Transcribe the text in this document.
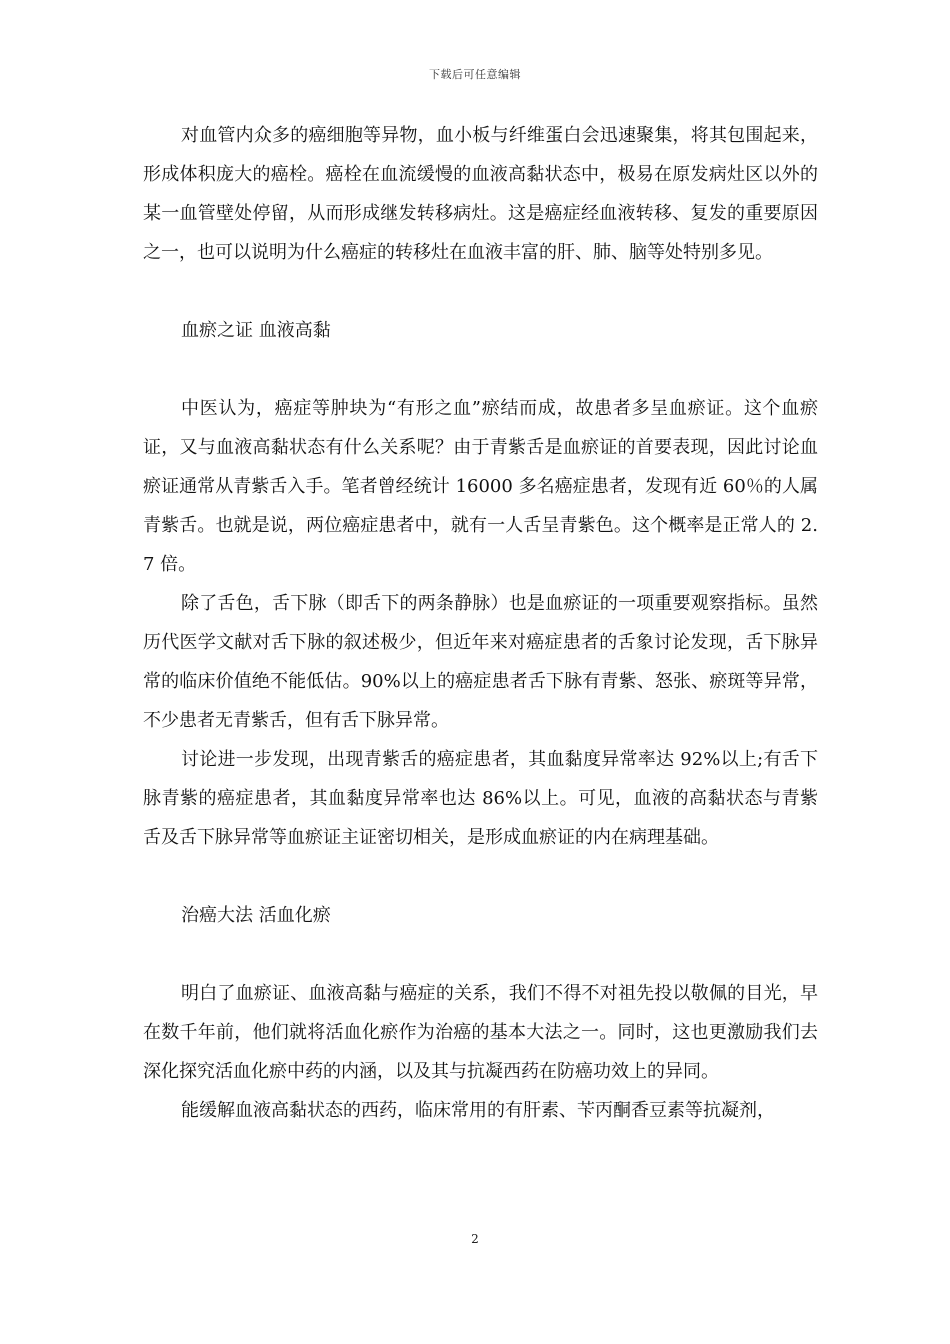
下载后可任意编辑

对血管内众多的癌细胞等异物，血小板与纤维蛋白会迅速聚集，将其包围起来，形成体积庞大的癌栓。癌栓在血流缓慢的血液高黏状态中，极易在原发病灶区以外的某一血管壁处停留，从而形成继发转移病灶。这是癌症经血液转移、复发的重要原因之一，也可以说明为什么癌症的转移灶在血液丰富的肝、肺、脑等处特别多见。

血瘀之证 血液高黏

中医认为，癌症等肿块为“有形之血”瘀结而成，故患者多呈血瘀证。这个血瘀证，又与血液高黏状态有什么关系呢？由于青紫舌是血瘀证的首要表现，因此讨论血瘀证通常从青紫舌入手。笔者曾经统计 16000 多名癌症患者，发现有近 60％的人属青紫舌。也就是说，两位癌症患者中，就有一人舌呈青紫色。这个概率是正常人的 2.7 倍。

除了舌色，舌下脉（即舌下的两条静脉）也是血瘀证的一项重要观察指标。虽然历代医学文献对舌下脉的叙述极少，但近年来对癌症患者的舌象讨论发现，舌下脉异常的临床价值绝不能低估。90%以上的癌症患者舌下脉有青紫、怒张、瘀斑等异常，不少患者无青紫舌，但有舌下脉异常。

讨论进一步发现，出现青紫舌的癌症患者，其血黏度异常率达 92%以上;有舌下脉青紫的癌症患者，其血黏度异常率也达 86%以上。可见，血液的高黏状态与青紫舌及舌下脉异常等血瘀证主证密切相关，是形成血瘀证的内在病理基础。

治癌大法 活血化瘀

明白了血瘀证、血液高黏与癌症的关系，我们不得不对祖先投以敬佩的目光，早在数千年前，他们就将活血化瘀作为治癌的基本大法之一。同时，这也更激励我们去深化探究活血化瘀中药的内涵，以及其与抗凝西药在防癌功效上的异同。

能缓解血液高黏状态的西药，临床常用的有肝素、苄丙酮香豆素等抗凝剂，

2
